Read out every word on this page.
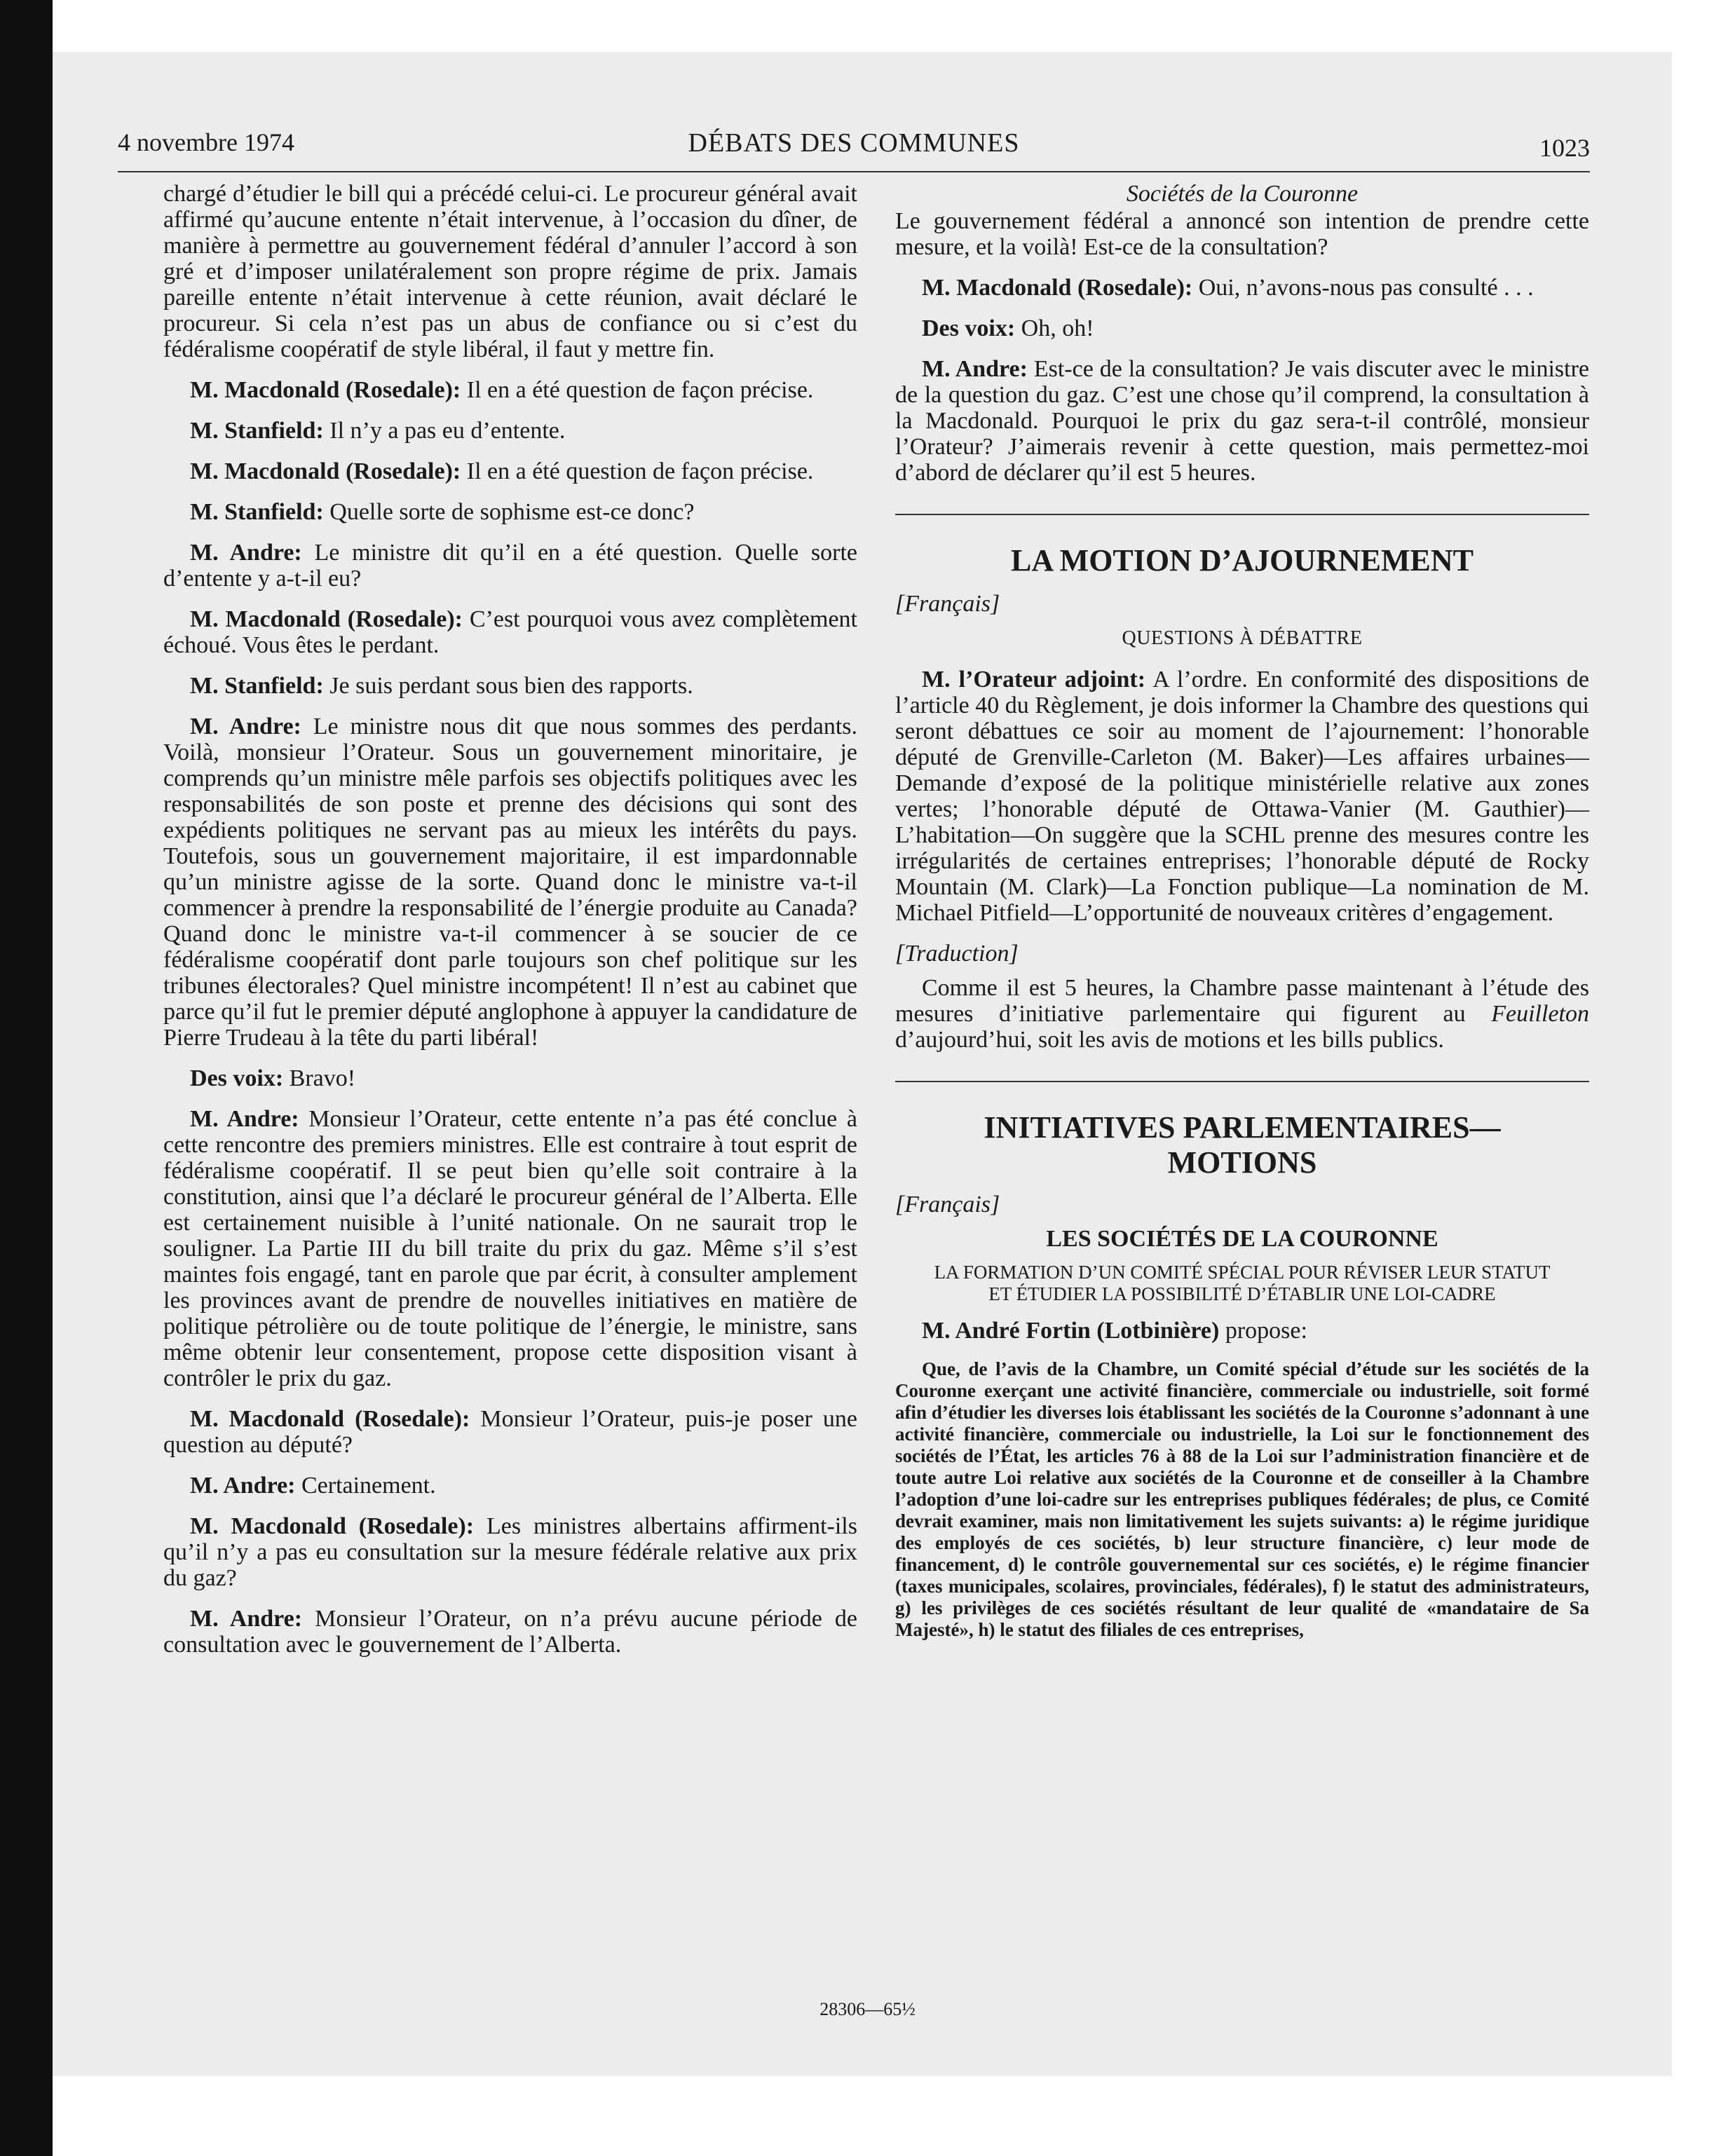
4 novembre 1974	DÉBATS DES COMMUNES	1023

chargé d’étudier le bill qui a précédé celui-ci. Le procureur général avait affirmé qu’aucune entente n’était intervenue, à l’occasion du dîner, de manière à permettre au gouvernement fédéral d’annuler l’accord à son gré et d’imposer unilatéralement son propre régime de prix. Jamais pareille entente n’était intervenue à cette réunion, avait déclaré le procureur. Si cela n’est pas un abus de confiance ou si c’est du fédéralisme coopératif de style libéral, il faut y mettre fin.

M. Macdonald (Rosedale): Il en a été question de façon précise.

M. Stanfield: Il n’y a pas eu d’entente.

M. Macdonald (Rosedale): Il en a été question de façon précise.

M. Stanfield: Quelle sorte de sophisme est-ce donc?

M. Andre: Le ministre dit qu’il en a été question. Quelle sorte d’entente y a-t-il eu?

M. Macdonald (Rosedale): C’est pourquoi vous avez complètement échoué. Vous êtes le perdant.

M. Stanfield: Je suis perdant sous bien des rapports.

M. Andre: Le ministre nous dit que nous sommes des perdants. Voilà, monsieur l’Orateur. Sous un gouvernement minoritaire, je comprends qu’un ministre mêle parfois ses objectifs politiques avec les responsabilités de son poste et prenne des décisions qui sont des expédients politiques ne servant pas au mieux les intérêts du pays. Toutefois, sous un gouvernement majoritaire, il est impardonnable qu’un ministre agisse de la sorte. Quand donc le ministre va-t-il commencer à prendre la responsabilité de l’énergie produite au Canada? Quand donc le ministre va-t-il commencer à se soucier de ce fédéralisme coopératif dont parle toujours son chef politique sur les tribunes électorales? Quel ministre incompétent! Il n’est au cabinet que parce qu’il fut le premier député anglophone à appuyer la candidature de Pierre Trudeau à la tête du parti libéral!

Des voix: Bravo!

M. Andre: Monsieur l’Orateur, cette entente n’a pas été conclue à cette rencontre des premiers ministres. Elle est contraire à tout esprit de fédéralisme coopératif. Il se peut bien qu’elle soit contraire à la constitution, ainsi que l’a déclaré le procureur général de l’Alberta. Elle est certainement nuisible à l’unité nationale. On ne saurait trop le souligner. La Partie III du bill traite du prix du gaz. Même s’il s’est maintes fois engagé, tant en parole que par écrit, à consulter amplement les provinces avant de prendre de nouvelles initiatives en matière de politique pétrolière ou de toute politique de l’énergie, le ministre, sans même obtenir leur consentement, propose cette disposition visant à contrôler le prix du gaz.

M. Macdonald (Rosedale): Monsieur l’Orateur, puis-je poser une question au député?

M. Andre: Certainement.

M. Macdonald (Rosedale): Les ministres albertains affirment-ils qu’il n’y a pas eu consultation sur la mesure fédérale relative aux prix du gaz?

M. Andre: Monsieur l’Orateur, on n’a prévu aucune période de consultation avec le gouvernement de l’Alberta.

Sociétés de la Couronne

Le gouvernement fédéral a annoncé son intention de prendre cette mesure, et la voilà! Est-ce de la consultation?

M. Macdonald (Rosedale): Oui, n’avons-nous pas consulté . . .

Des voix: Oh, oh!

M. Andre: Est-ce de la consultation? Je vais discuter avec le ministre de la question du gaz. C’est une chose qu’il comprend, la consultation à la Macdonald. Pourquoi le prix du gaz sera-t-il contrôlé, monsieur l’Orateur? J’aimerais revenir à cette question, mais permettez-moi d’abord de déclarer qu’il est 5 heures.

LA MOTION D’AJOURNEMENT
[Français]
QUESTIONS À DÉBATTRE

M. l’Orateur adjoint: A l’ordre. En conformité des dispositions de l’article 40 du Règlement, je dois informer la Chambre des questions qui seront débattues ce soir au moment de l’ajournement: l’honorable député de Grenville-Carleton (M. Baker)—Les affaires urbaines—Demande d’exposé de la politique ministérielle relative aux zones vertes; l’honorable député de Ottawa-Vanier (M. Gauthier)—L’habitation—On suggère que la SCHL prenne des mesures contre les irrégularités de certaines entreprises; l’honorable député de Rocky Mountain (M. Clark)—La Fonction publique—La nomination de M. Michael Pitfield—L’opportunité de nouveaux critères d’engagement.

[Traduction]

Comme il est 5 heures, la Chambre passe maintenant à l’étude des mesures d’initiative parlementaire qui figurent au Feuilleton d’aujourd’hui, soit les avis de motions et les bills publics.

INITIATIVES PARLEMENTAIRES—
MOTIONS
[Français]
LES SOCIÉTÉS DE LA COURONNE
LA FORMATION D’UN COMITÉ SPÉCIAL POUR RÉVISER LEUR STATUT ET ÉTUDIER LA POSSIBILITÉ D’ÉTABLIR UNE LOI-CADRE

M. André Fortin (Lotbinière) propose:

Que, de l’avis de la Chambre, un Comité spécial d’étude sur les sociétés de la Couronne exerçant une activité financière, commerciale ou industrielle, soit formé afin d’étudier les diverses lois établissant les sociétés de la Couronne s’adonnant à une activité financière, commerciale ou industrielle, la Loi sur le fonctionnement des sociétés de l’État, les articles 76 à 88 de la Loi sur l’administration financière et de toute autre Loi relative aux sociétés de la Couronne et de conseiller à la Chambre l’adoption d’une loi-cadre sur les entreprises publiques fédérales; de plus, ce Comité devrait examiner, mais non limitativement les sujets suivants: a) le régime juridique des employés de ces sociétés, b) leur structure financière, c) leur mode de financement, d) le contrôle gouvernemental sur ces sociétés, e) le régime financier (taxes municipales, scolaires, provinciales, fédérales), f) le statut des administrateurs, g) les privilèges de ces sociétés résultant de leur qualité de «mandataire de Sa Majesté», h) le statut des filiales de ces entreprises,

28306—65½
